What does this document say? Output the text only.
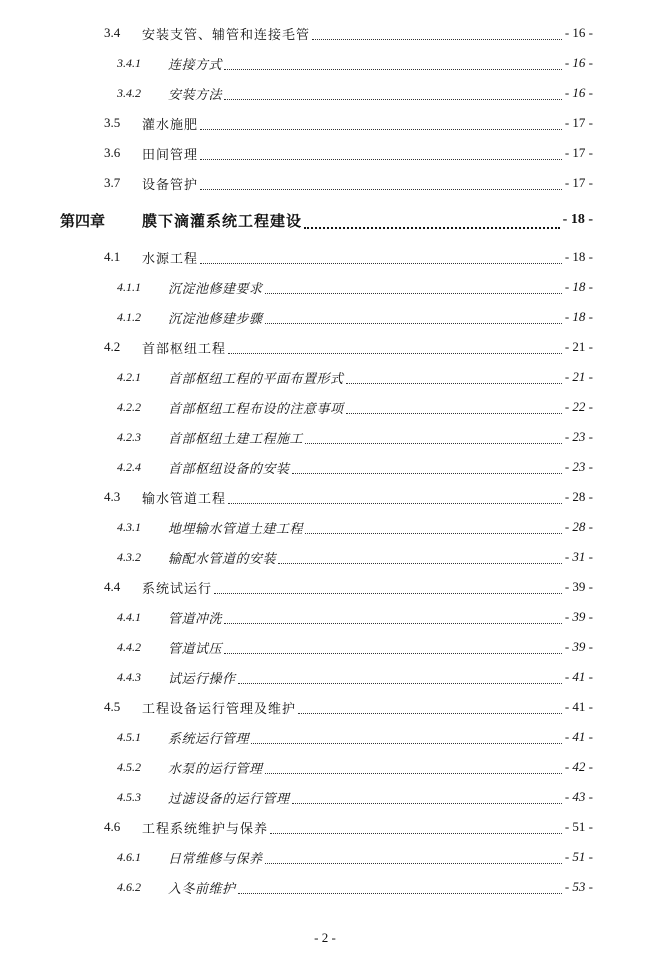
3.4 安装支管、辅管和连接毛管	- 16 -
3.4.1 连接方式	- 16 -
3.4.2 安装方法	- 16 -
3.5 灌水施肥	- 17 -
3.6 田间管理	- 17 -
3.7 设备管护	- 17 -
第四章 膜下滴灌系统工程建设	- 18 -
4.1 水源工程	- 18 -
4.1.1 沉淀池修建要求	- 18 -
4.1.2 沉淀池修建步骤	- 18 -
4.2 首部枢纽工程	- 21 -
4.2.1 首部枢纽工程的平面布置形式	- 21 -
4.2.2 首部枢纽工程布设的注意事项	- 22 -
4.2.3 首部枢纽土建工程施工	- 23 -
4.2.4 首部枢纽设备的安装	- 23 -
4.3 输水管道工程	- 28 -
4.3.1 地埋输水管道土建工程	- 28 -
4.3.2 输配水管道的安装	- 31 -
4.4 系统试运行	- 39 -
4.4.1 管道冲洗	- 39 -
4.4.2 管道试压	- 39 -
4.4.3 试运行操作	- 41 -
4.5 工程设备运行管理及维护	- 41 -
4.5.1 系统运行管理	- 41 -
4.5.2 水泵的运行管理	- 42 -
4.5.3 过滤设备的运行管理	- 43 -
4.6 工程系统维护与保养	- 51 -
4.6.1 日常维修与保养	- 51 -
4.6.2 入冬前维护	- 53 -
- 2 -
